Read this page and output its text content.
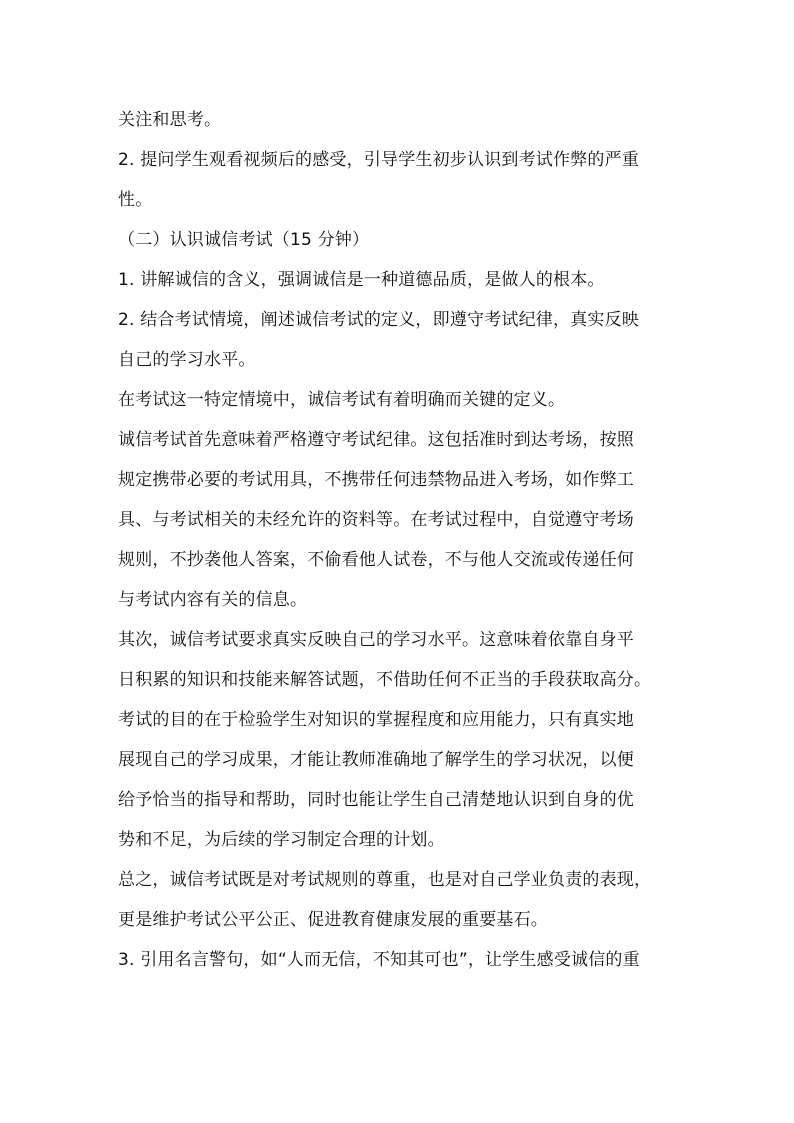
关注和思考。
2. 提问学生观看视频后的感受，引导学生初步认识到考试作弊的严重
性。
（二）认识诚信考试（15 分钟）
1. 讲解诚信的含义，强调诚信是一种道德品质，是做人的根本。
2. 结合考试情境，阐述诚信考试的定义，即遵守考试纪律，真实反映
自己的学习水平。
在考试这一特定情境中，诚信考试有着明确而关键的定义。
诚信考试首先意味着严格遵守考试纪律。这包括准时到达考场，按照
规定携带必要的考试用具，不携带任何违禁物品进入考场，如作弊工
具、与考试相关的未经允许的资料等。在考试过程中，自觉遵守考场
规则，不抄袭他人答案，不偷看他人试卷，不与他人交流或传递任何
与考试内容有关的信息。
其次，诚信考试要求真实反映自己的学习水平。这意味着依靠自身平
日积累的知识和技能来解答试题，不借助任何不正当的手段获取高分。
考试的目的在于检验学生对知识的掌握程度和应用能力，只有真实地
展现自己的学习成果，才能让教师准确地了解学生的学习状况，以便
给予恰当的指导和帮助，同时也能让学生自己清楚地认识到自身的优
势和不足，为后续的学习制定合理的计划。
总之，诚信考试既是对考试规则的尊重，也是对自己学业负责的表现，
更是维护考试公平公正、促进教育健康发展的重要基石。
3. 引用名言警句，如“人而无信，不知其可也”，让学生感受诚信的重
